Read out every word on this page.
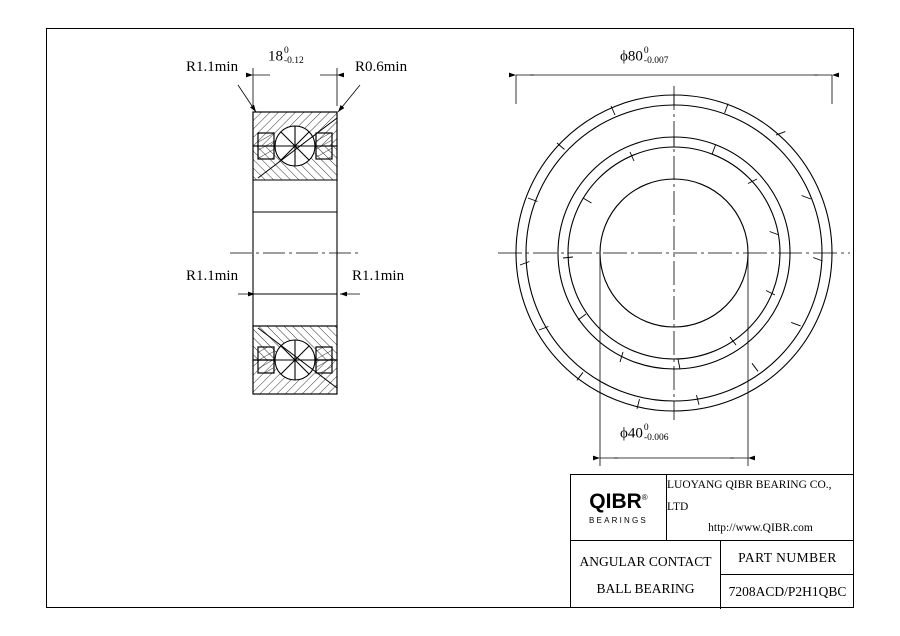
18 0
-0.12
R1.1min	R0.6min
R1.1min	R1.1min
ϕ80 0
-0.007
ϕ40 0
-0.006
QIBR®
BEARINGS
LUOYANG QIBR BEARING CO., LTD
http://www.QIBR.com
ANGULAR CONTACT
BALL BEARING
PART NUMBER
7208ACD/P2H1QBC
